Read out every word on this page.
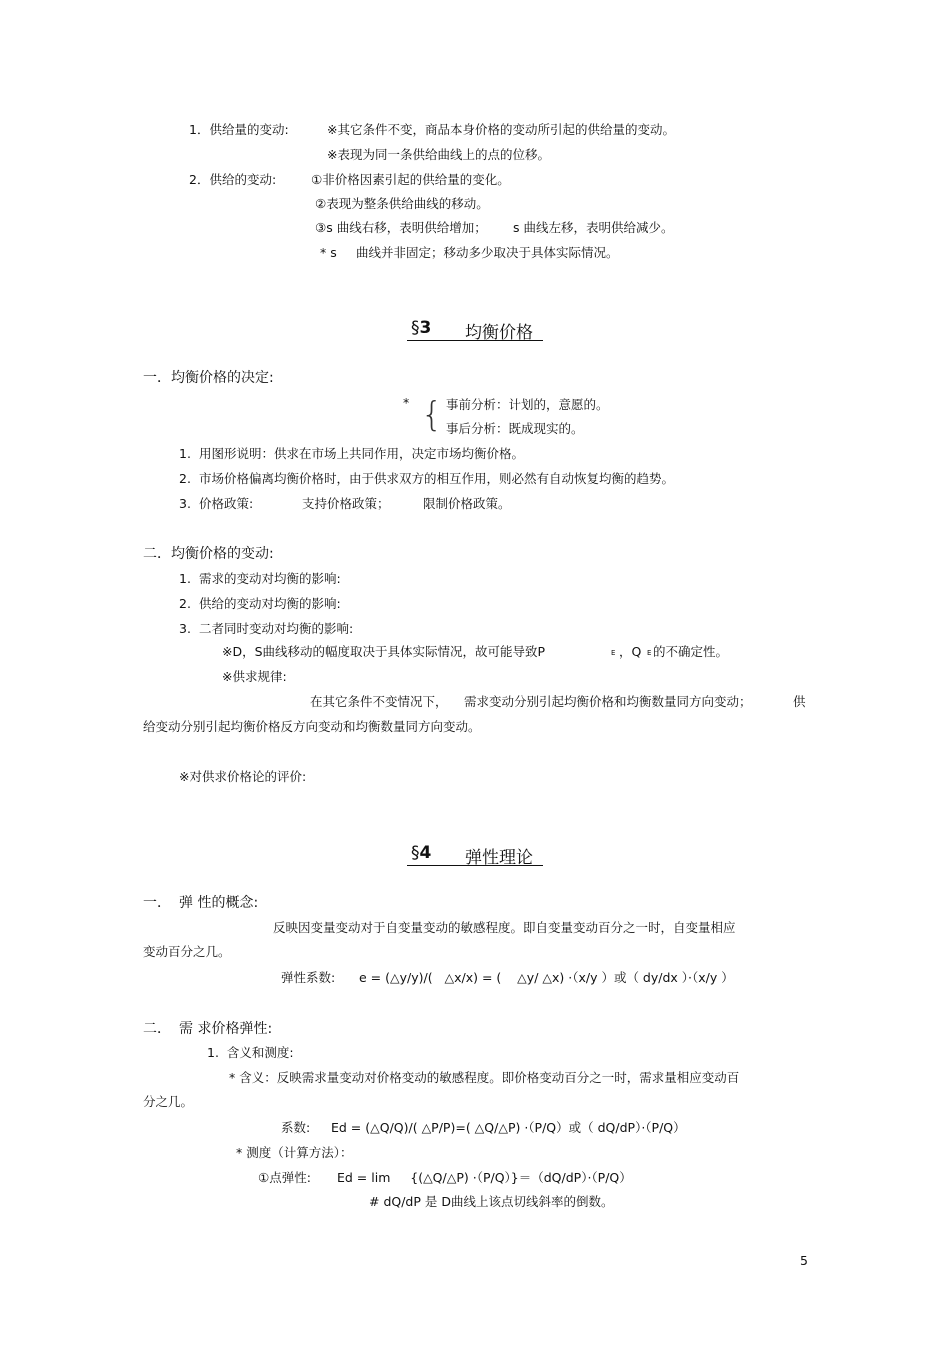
1．供给量的变动:	※其它条件不变，商品本身价格的变动所引起的供给量的变动。
※表现为同一条供给曲线上的点的位移。
2．供给的变动:	①非价格因素引起的供给量的变化。
②表现为整条供给曲线的移动。
③s 曲线右移，表明供给增加； s 曲线左移，表明供给减少。
* s 曲线并非固定；移动多少取决于具体实际情况。
§3 均衡价格
一．均衡价格的决定:
* { 事前分析：计划的，意愿的。
事后分析：既成现实的。
1. 用图形说明：供求在市场上共同作用，决定市场均衡价格。
2. 市场价格偏离均衡价格时，由于供求双方的相互作用，则必然有自动恢复均衡的趋势。
3. 价格政策:	支持价格政策；	限制价格政策。
二．均衡价格的变动:
1. 需求的变动对均衡的影响:
2. 供给的变动对均衡的影响:
3. 二者同时变动对均衡的影响:
※D，S曲线移动的幅度取决于具体实际情况，故可能导致P	E ，Q E 的不确定性。
※供求规律:
在其它条件不变情况下， 需求变动分别引起均衡价格和均衡数量同方向变动；	供
给变动分别引起均衡价格反方向变动和均衡数量同方向变动。
※对供求价格论的评价:
§4 弹性理论
一． 弹 性的概念:
反映因变量变动对于自变量变动的敏感程度。即自变量变动百分之一时，自变量相应
变动百分之几。
弹性系数: e = (△y/y)/(   △x/x) = (    △y/ △x) ·（x/y ）或（ dy/dx ）·（x/y ）
二． 需 求价格弹性:
1.  含义和测度:
* 含义：反映需求量变动对价格变动的敏感程度。即价格变动百分之一时，需求量相应变动百
分之几。
系数: Ed = (△Q/Q)/( △P/P)=( △Q/△P) ·（P/Q）或（ dQ/dP）·（P/Q）
* 测度（计算方法）：
①点弹性: Ed = lim     {(△Q/△P) ·（P/Q）}＝（dQ/dP）·（P/Q）
# dQ/dP 是 D曲线上该点切线斜率的倒数。
5
